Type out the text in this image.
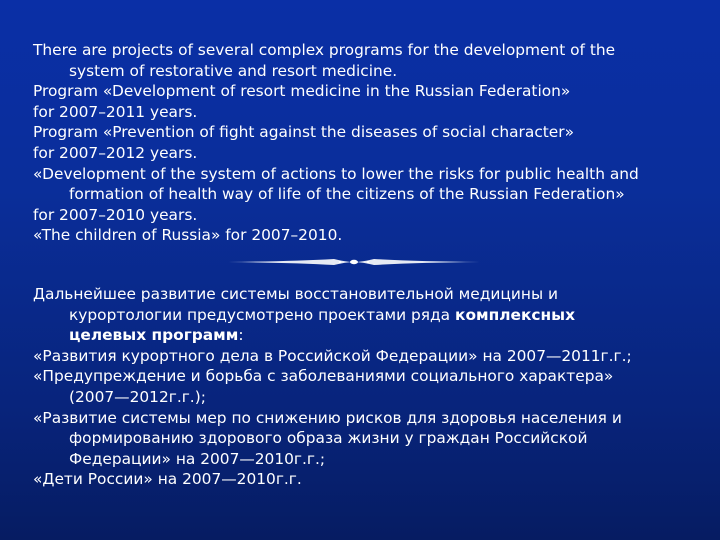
There are projects of several complex programs for the development of the
system of restorative and resort medicine.
Program «Development of resort medicine in the Russian Federation»
for 2007–2011 years.
Program «Prevention of fight against the diseases of social character»
for 2007–2012 years.
«Development of the system of actions to lower the risks for public health and
formation of health way of life of the citizens of the Russian Federation»
for 2007–2010 years.
«The children of Russia» for 2007–2010.
Дальнейшее развитие системы восстановительной медицины и
курортологии предусмотрено проектами ряда комплексных
целевых программ:
«Развития курортного дела в Российской Федерации» на 2007—2011г.г.;
«Предупреждение и борьба с заболеваниями социального характера»
(2007—2012г.г.);
«Развитие системы мер по снижению рисков для здоровья населения и
формированию здорового образа жизни у граждан Российской
Федерации» на 2007—2010г.г.;
«Дети России» на 2007—2010г.г.
